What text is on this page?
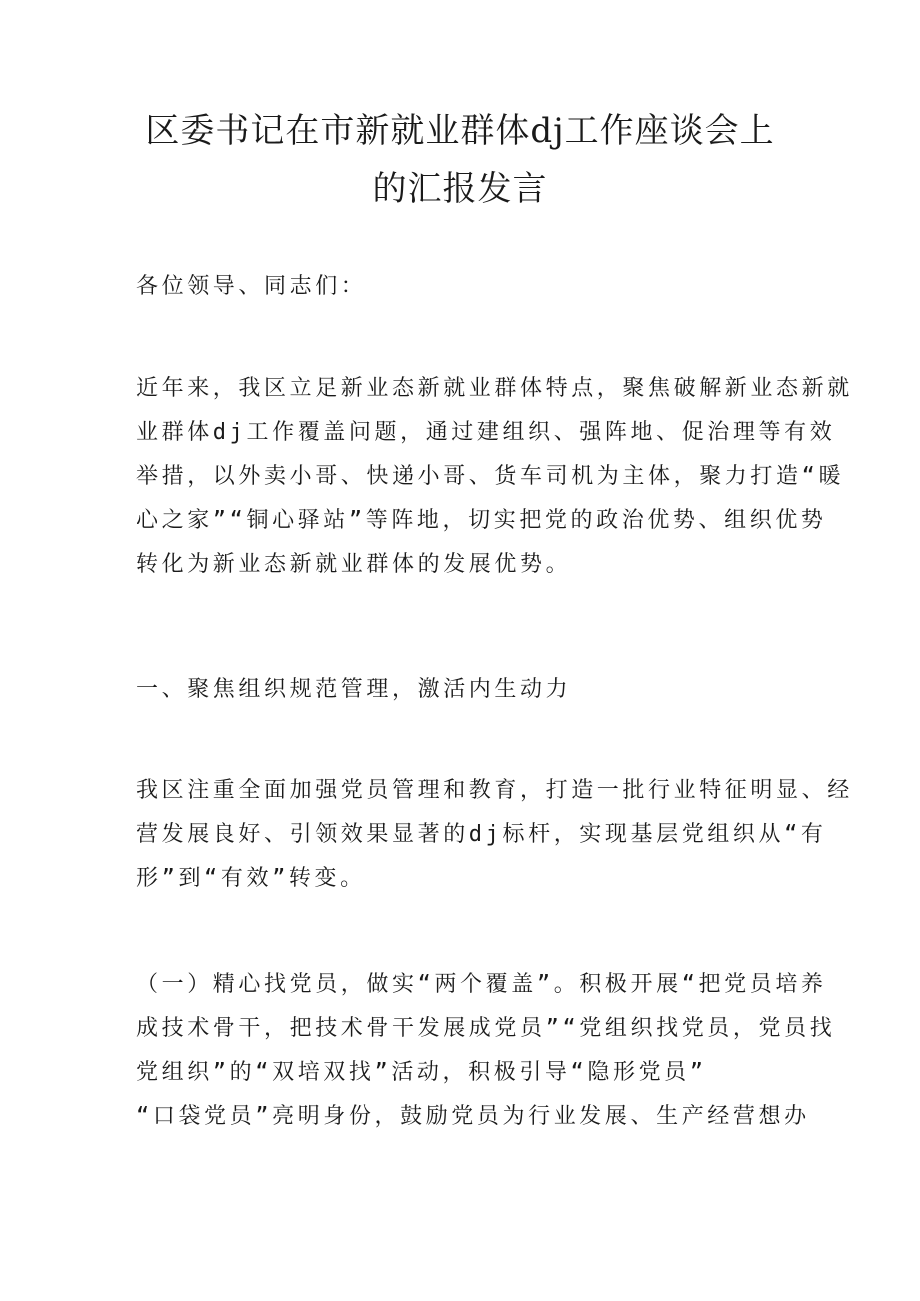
区委书记在市新就业群体dj工作座谈会上
的汇报发言
各位领导、同志们：
近年来，我区立足新业态新就业群体特点，聚焦破解新业态新就
业群体dj工作覆盖问题，通过建组织、强阵地、促治理等有效
举措，以外卖小哥、快递小哥、货车司机为主体，聚力打造“暖
心之家”“铜心驿站”等阵地，切实把党的政治优势、组织优势
转化为新业态新就业群体的发展优势。
一、聚焦组织规范管理，激活内生动力
我区注重全面加强党员管理和教育，打造一批行业特征明显、经
营发展良好、引领效果显著的dj标杆，实现基层党组织从“有
形”到“有效”转变。
（一）精心找党员，做实“两个覆盖”。积极开展“把党员培养
成技术骨干，把技术骨干发展成党员”“党组织找党员，党员找
党组织”的“双培双找”活动，积极引导“隐形党员”
“口袋党员”亮明身份，鼓励党员为行业发展、生产经营想办
